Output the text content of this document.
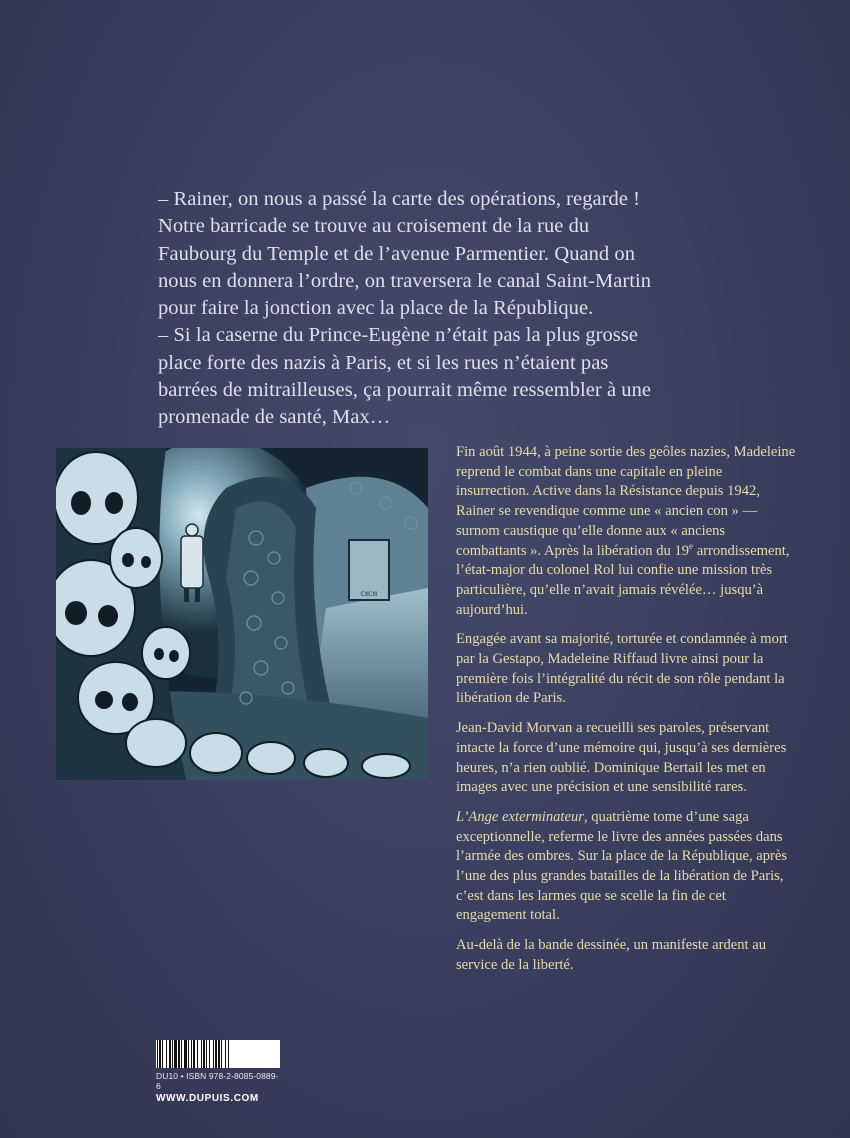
– Rainer, on nous a passé la carte des opérations, regarde !

Notre barricade se trouve au croisement de la rue du

Faubourg du Temple et de l’avenue Parmentier. Quand on

nous en donnera l’ordre, on traversera le canal Saint-Martin

pour faire la jonction avec la place de la République.

– Si la caserne du Prince-Eugène n’était pas la plus grosse

place forte des nazis à Paris, et si les rues n’étaient pas

barrées de mitrailleuses, ça pourrait même ressembler à une

promenade de santé, Max…

CXCIII

Fin août 1944, à peine sortie des geôles nazies, Madeleine reprend le combat dans une capitale en pleine insurrection. Active dans la Résistance depuis 1942, Rainer se revendique comme une « ancien con » — surnom caustique qu’elle donne aux « anciens combattants ». Après la libération du 19e arrondissement, l’état-major du colonel Rol lui confie une mission très particulière, qu’elle n’avait jamais révélée… jusqu’à aujourd’hui.

Engagée avant sa majorité, torturée et condamnée à mort par la Gestapo, Madeleine Riffaud livre ainsi pour la première fois l’intégralité du récit de son rôle pendant la libération de Paris.

Jean-David Morvan a recueilli ses paroles, préservant intacte la force d’une mémoire qui, jusqu’à ses dernières heures, n’a rien oublié. Dominique Bertail les met en images avec une précision et une sensibilité rares.

L’Ange exterminateur, quatrième tome d’une saga exceptionnelle, referme le livre des années passées dans l’armée des ombres. Sur la place de la République, après l’une des plus grandes batailles de la libération de Paris, c’est dans les larmes que se scelle la fin de cet engagement total.

Au-delà de la bande dessinée, un manifeste ardent au service de la liberté.

DU10 • ISBN 978-2-8085-0889-6
WWW.DUPUIS.COM
